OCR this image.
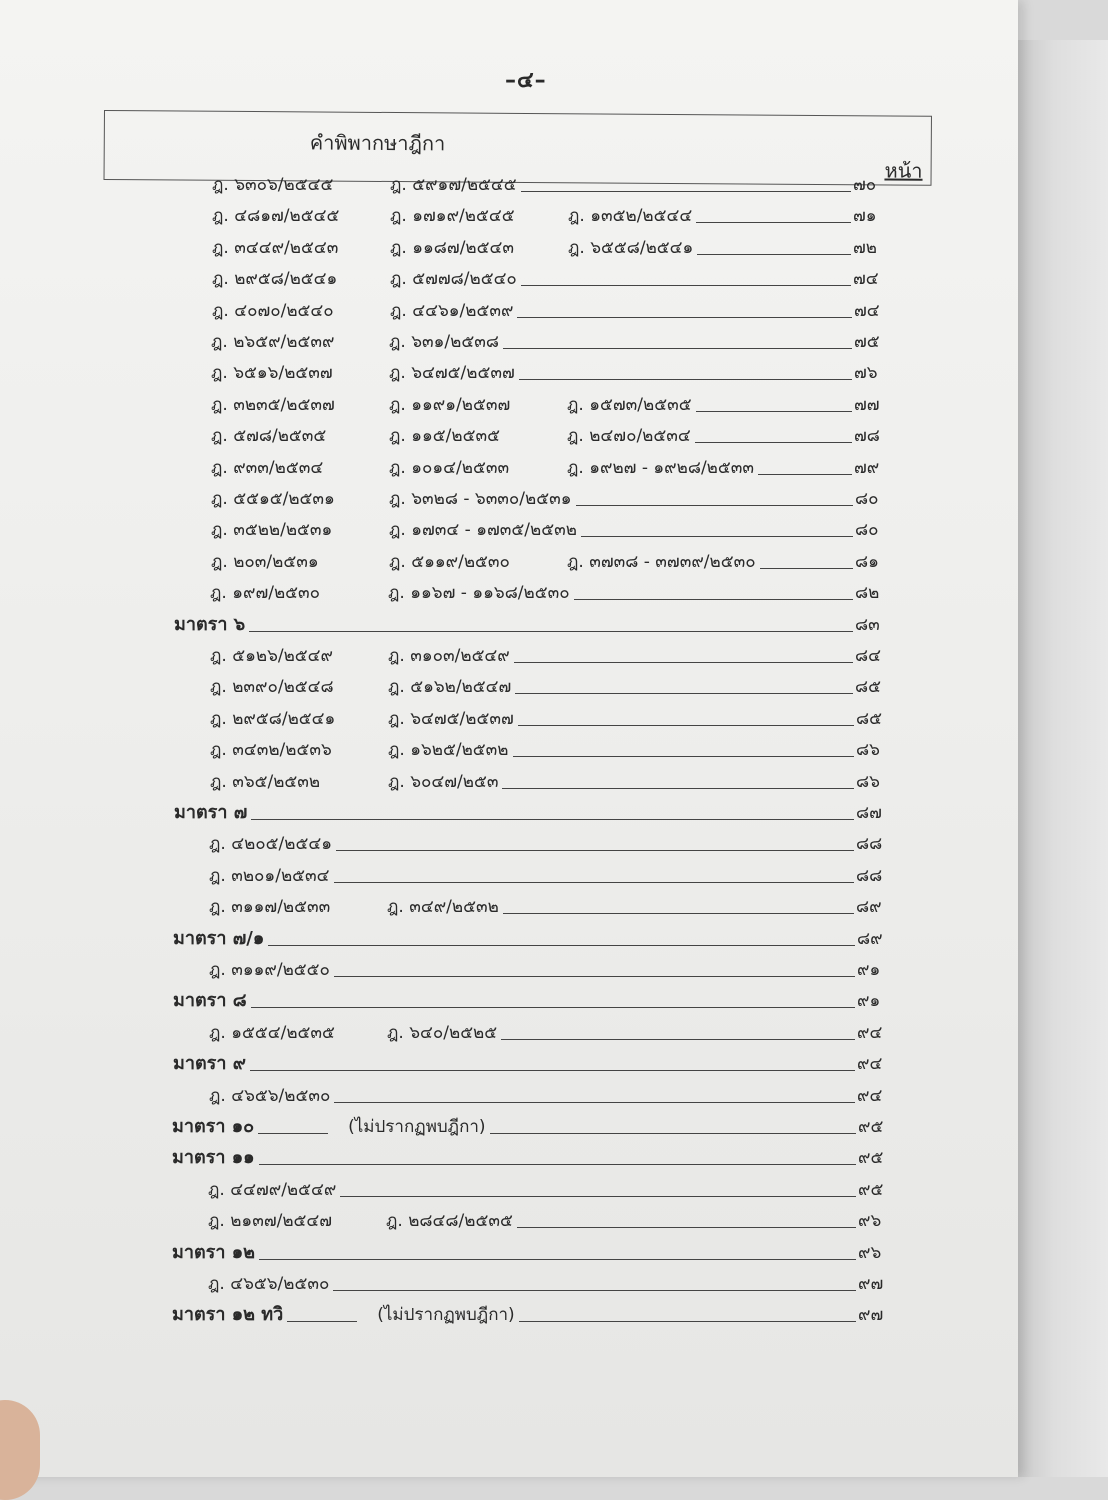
–๔–
คำพิพากษาฎีกา
หน้า
ฎ. ๖๓๐๖/๒๕๔๕	ฎ. ๕๙๑๗/๒๕๔๕	๗๐
ฎ. ๔๘๑๗/๒๕๔๕	ฎ. ๑๗๑๙/๒๕๔๕	ฎ. ๑๓๕๒/๒๕๔๔	๗๑
ฎ. ๓๔๔๙/๒๕๔๓	ฎ. ๑๑๘๗/๒๕๔๓	ฎ. ๖๕๕๘/๒๕๔๑	๗๒
ฎ. ๒๙๕๘/๒๕๔๑	ฎ. ๕๗๗๘/๒๕๔๐	๗๔
ฎ. ๔๐๗๐/๒๕๔๐	ฎ. ๔๔๖๑/๒๕๓๙	๗๔
ฎ. ๒๖๕๙/๒๕๓๙	ฎ. ๖๓๑/๒๕๓๘	๗๕
ฎ. ๖๕๑๖/๒๕๓๗	ฎ. ๖๔๗๕/๒๕๓๗	๗๖
ฎ. ๓๒๓๕/๒๕๓๗	ฎ. ๑๑๙๑/๒๕๓๗	ฎ. ๑๕๗๓/๒๕๓๕	๗๗
ฎ. ๕๗๘/๒๕๓๕	ฎ. ๑๑๕/๒๕๓๕	ฎ. ๒๔๗๐/๒๕๓๔	๗๘
ฎ. ๙๓๓/๒๕๓๔	ฎ. ๑๐๑๔/๒๕๓๓	ฎ. ๑๙๒๗ - ๑๙๒๘/๒๕๓๓	๗๙
ฎ. ๕๕๑๕/๒๕๓๑	ฎ. ๖๓๒๘ - ๖๓๓๐/๒๕๓๑	๘๐
ฎ. ๓๕๒๒/๒๕๓๑	ฎ. ๑๗๓๔ - ๑๗๓๕/๒๕๓๒	๘๐
ฎ. ๒๐๓/๒๕๓๑	ฎ. ๕๑๑๙/๒๕๓๐	ฎ. ๓๗๓๘ - ๓๗๓๙/๒๕๓๐	๘๑
ฎ. ๑๙๗/๒๕๓๐	ฎ. ๑๑๖๗ - ๑๑๖๘/๒๕๓๐	๘๒
มาตรา ๖	๘๓
ฎ. ๕๑๒๖/๒๕๔๙	ฎ. ๓๑๐๓/๒๕๔๙	๘๔
ฎ. ๒๓๙๐/๒๕๔๘	ฎ. ๕๑๖๒/๒๕๔๗	๘๕
ฎ. ๒๙๕๘/๒๕๔๑	ฎ. ๖๔๗๕/๒๕๓๗	๘๕
ฎ. ๓๔๓๒/๒๕๓๖	ฎ. ๑๖๒๕/๒๕๓๒	๘๖
ฎ. ๓๖๕/๒๕๓๒	ฎ. ๖๐๔๗/๒๕๓	๘๖
มาตรา ๗	๘๗
ฎ. ๔๒๐๕/๒๕๔๑	๘๘
ฎ. ๓๒๐๑/๒๕๓๔	๘๘
ฎ. ๓๑๑๗/๒๕๓๓	ฎ. ๓๔๙/๒๕๓๒	๘๙
มาตรา ๗/๑	๘๙
ฎ. ๓๑๑๙/๒๕๕๐	๙๑
มาตรา ๘	๙๑
ฎ. ๑๕๕๔/๒๕๓๕	ฎ. ๖๔๐/๒๕๒๕	๙๔
มาตรา ๙	๙๔
ฎ. ๔๖๕๖/๒๕๓๐	๙๔
มาตรา ๑๐	(ไม่ปรากฏพบฎีกา)	๙๕
มาตรา ๑๑	๙๕
ฎ. ๔๔๗๙/๒๕๔๙	๙๕
ฎ. ๒๑๓๗/๒๕๔๗	ฎ. ๒๘๔๘/๒๕๓๕	๙๖
มาตรา ๑๒	๙๖
ฎ. ๔๖๕๖/๒๕๓๐	๙๗
มาตรา ๑๒ ทวิ	(ไม่ปรากฏพบฎีกา)	๙๗
